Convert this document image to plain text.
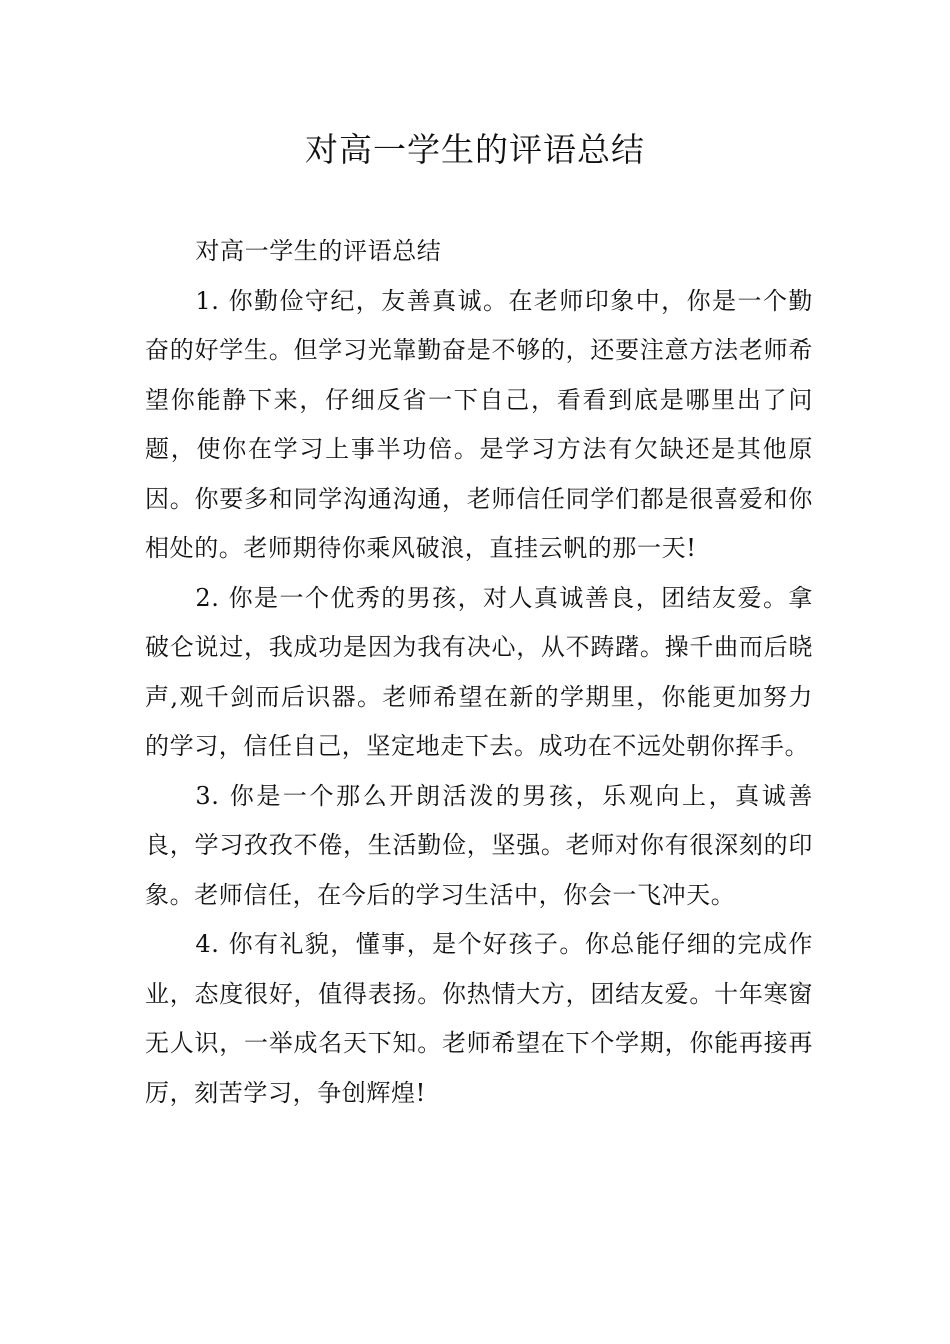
对高一学生的评语总结

对高一学生的评语总结

1. 你勤俭守纪，友善真诚。在老师印象中，你是一个勤奋的好学生。但学习光靠勤奋是不够的，还要注意方法老师希望你能静下来，仔细反省一下自己，看看到底是哪里出了问题，使你在学习上事半功倍。是学习方法有欠缺还是其他原因。你要多和同学沟通沟通，老师信任同学们都是很喜爱和你相处的。老师期待你乘风破浪，直挂云帆的那一天!

2. 你是一个优秀的男孩，对人真诚善良，团结友爱。拿破仑说过，我成功是因为我有决心，从不踌躇。操千曲而后晓声,观千剑而后识器。老师希望在新的学期里，你能更加努力的学习，信任自己，坚定地走下去。成功在不远处朝你挥手。

3. 你是一个那么开朗活泼的男孩，乐观向上，真诚善良，学习孜孜不倦，生活勤俭，坚强。老师对你有很深刻的印象。老师信任，在今后的学习生活中，你会一飞冲天。

4. 你有礼貌，懂事，是个好孩子。你总能仔细的完成作业，态度很好，值得表扬。你热情大方，团结友爱。十年寒窗无人识，一举成名天下知。老师希望在下个学期，你能再接再厉，刻苦学习，争创辉煌!
